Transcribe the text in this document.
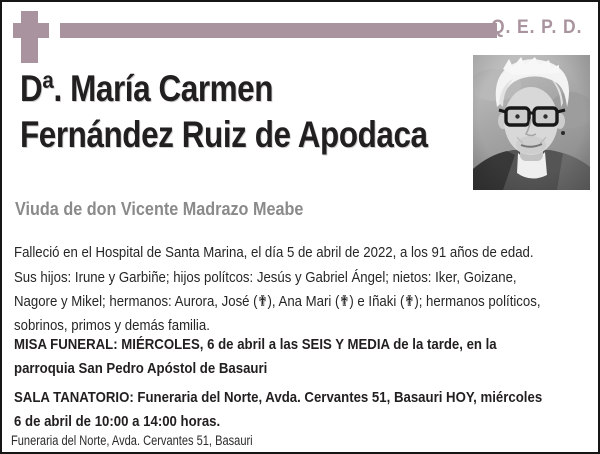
Q. E. P. D.
Dª. María Carmen
Fernández Ruiz de Apodaca
Viuda de don Vicente Madrazo Meabe
Falleció en el Hospital de Santa Marina, el día 5 de abril de 2022, a los 91 años de edad.
Sus hijos: Irune y Garbiñe; hijos polítcos: Jesús y Gabriel Ángel; nietos: Iker, Goizane,
Nagore y Mikel; hermanos: Aurora, José (✟), Ana Mari (✟) e Iñaki (✟); hermanos políticos,
sobrinos, primos y demás familia.
MISA FUNERAL: MIÉRCOLES, 6 de abril a las SEIS Y MEDIA de la tarde, en la
parroquia San Pedro Apóstol de Basauri
SALA TANATORIO: Funeraria del Norte, Avda. Cervantes 51, Basauri HOY, miércoles
6 de abril de 10:00 a 14:00 horas.
Funeraria del Norte, Avda. Cervantes 51, Basauri
